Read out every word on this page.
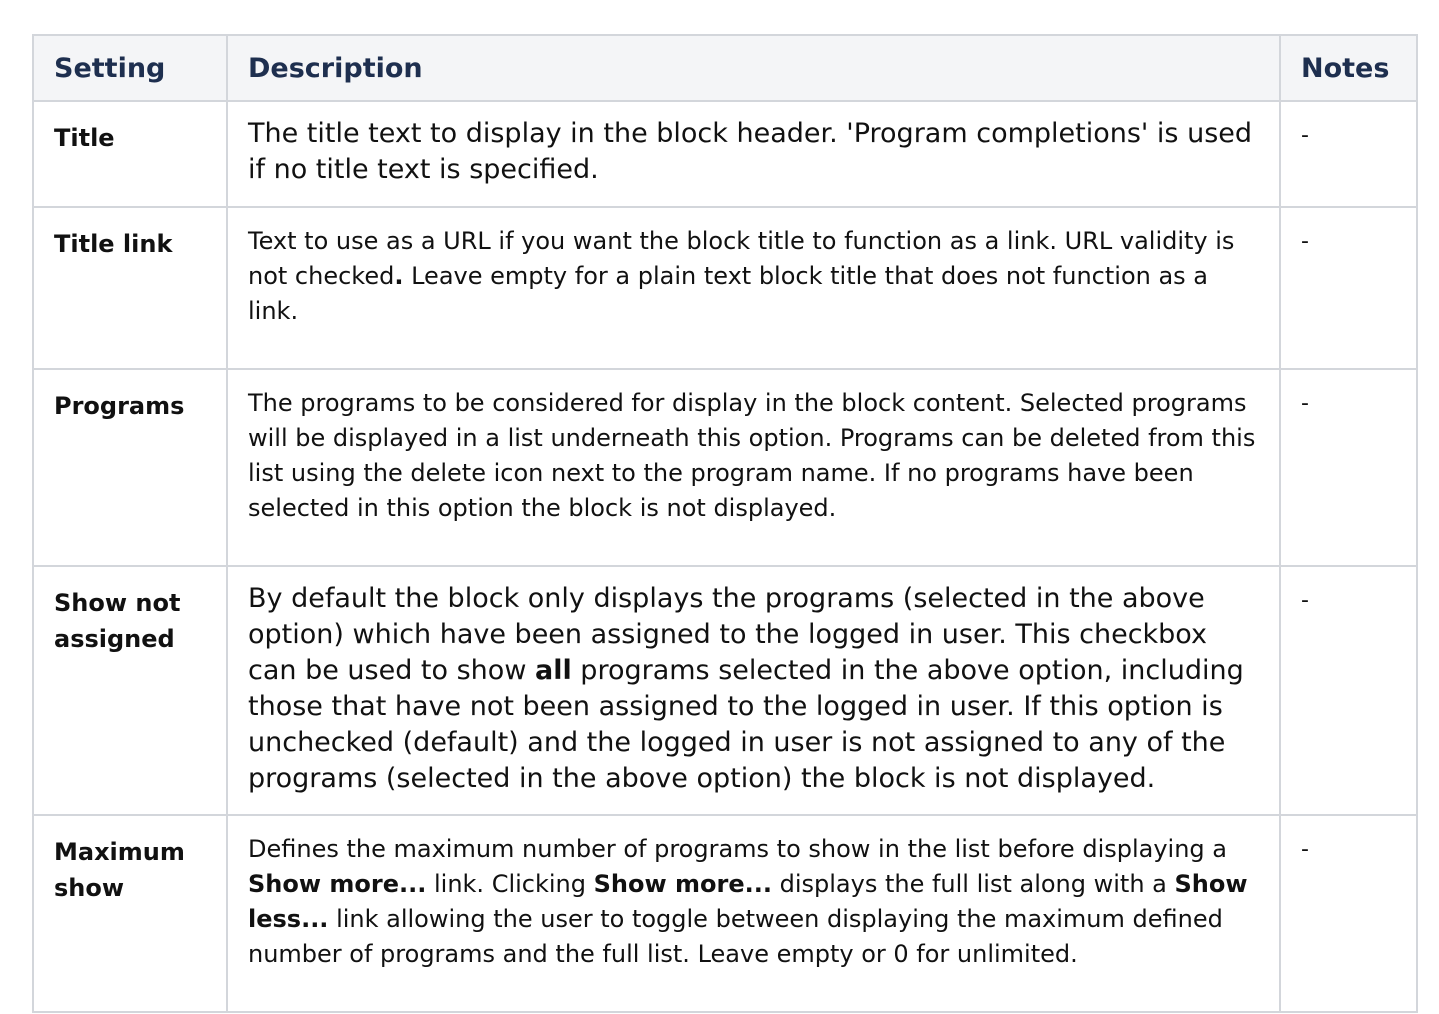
Setting	Description	Notes
Title	The title text to display in the block header. 'Program completions' is used if no title text is specified.	-
Title link	Text to use as a URL if you want the block title to function as a link. URL validity is not checked. Leave empty for a plain text block title that does not function as a link.	-
Programs	The programs to be considered for display in the block content. Selected programs will be displayed in a list underneath this option. Programs can be deleted from this list using the delete icon next to the program name. If no programs have been selected in this option the block is not displayed.	-
Show not assigned	By default the block only displays the programs (selected in the above option) which have been assigned to the logged in user. This checkbox can be used to show all programs selected in the above option, including those that have not been assigned to the logged in user. If this option is unchecked (default) and the logged in user is not assigned to any of the programs (selected in the above option) the block is not displayed.	-
Maximum show	Defines the maximum number of programs to show in the list before displaying a Show more... link. Clicking Show more... displays the full list along with a Show less... link allowing the user to toggle between displaying the maximum defined number of programs and the full list. Leave empty or 0 for unlimited.	-
